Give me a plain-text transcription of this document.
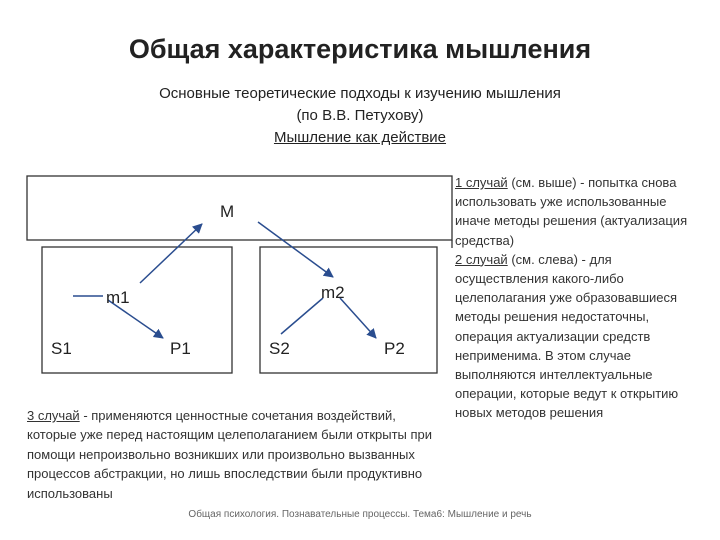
Общая характеристика мышления
Основные теоретические подходы к изучению мышления
(по В.В. Петухову)
Мышление как действие
M
m1	m2
S1	P1	S2	P2
1 случай (см. выше) - попытка снова использовать уже использованные иначе методы решения (актуализация средства)
2 случай (см. слева) - для осуществления какого-либо целеполагания уже образовавшиеся методы решения недостаточны, операция актуализации средств неприменима. В этом случае выполняются интеллектуальные операции, которые ведут к открытию новых методов решения
3 случай - применяются ценностные сочетания воздействий, которые уже перед настоящим целеполаганием были открыты при помощи непроизвольно возникших или произвольно вызванных процессов абстракции, но лишь впоследствии были продуктивно использованы
Общая психология. Познавательные процессы. Тема6: Мышление и речь
